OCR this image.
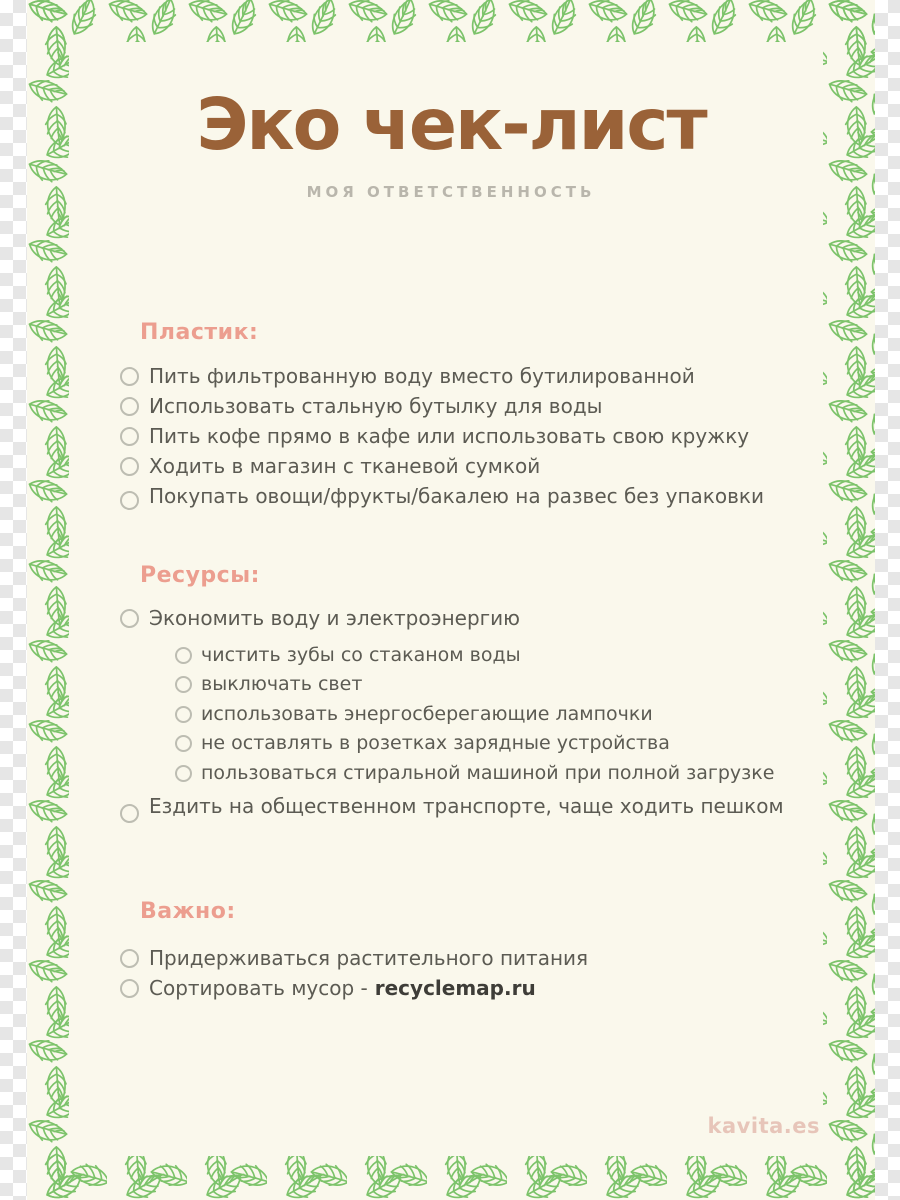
Эко чек-лист
МОЯ ОТВЕТСТВЕННОСТЬ
Пластик:
Пить фильтрованную воду вместо бутилированной
Использовать стальную бутылку для воды
Пить кофе прямо в кафе или использовать свою кружку
Ходить в магазин с тканевой сумкой
Покупать овощи/фрукты/бакалею на развес без упаковки
Ресурсы:
Экономить воду и электроэнергию
чистить зубы со стаканом воды
выключать свет
использовать энергосберегающие лампочки
не оставлять в розетках зарядные устройства
пользоваться стиральной машиной при полной загрузке
Ездить на общественном транспорте, чаще ходить пешком
Важно:
Придерживаться растительного питания
Сортировать мусор - recyclemap.ru
kavita.es
